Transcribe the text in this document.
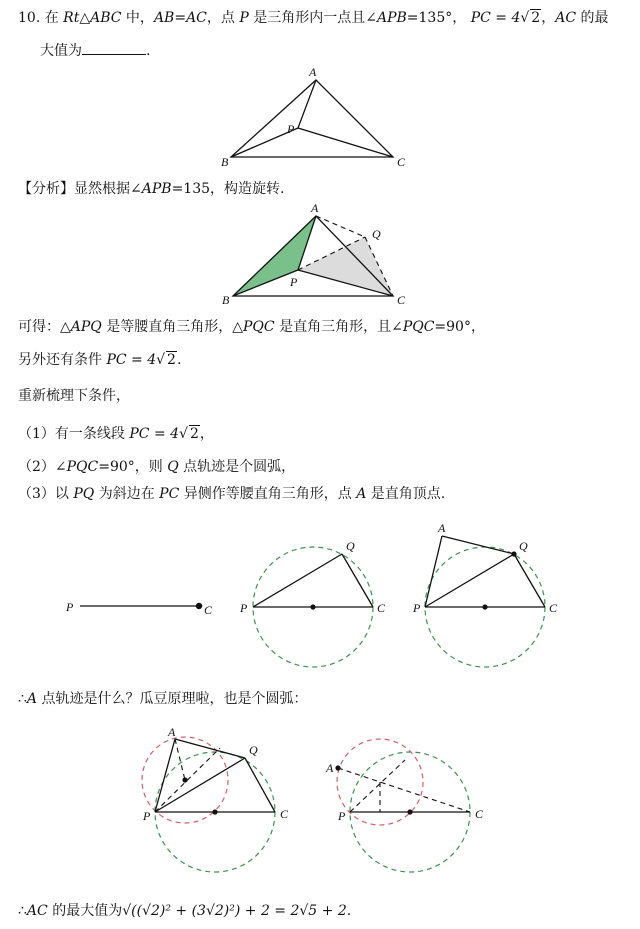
10. 在 Rt△ABC 中，AB=AC，点 P 是三角形内一点且∠APB=135°， PC = 4√ 2，AC 的最
大值为	.
【分析】显然根据∠APB=135，构造旋转.
可得：△APQ 是等腰直角三角形，△PQC 是直角三角形，且∠PQC=90°，
另外还有条件 PC = 4√ 2.
重新梳理下条件，
（1）有一条线段 PC = 4√ 2，
（2）∠PQC=90°，则 Q 点轨迹是个圆弧，
（3）以 PQ 为斜边在 PC 异侧作等腰直角三角形，点 A 是直角顶点.
∴A 点轨迹是什么？瓜豆原理啦，也是个圆弧：
∴AC 的最大值为√((√2)² + (3√2)²) + 2 = 2√5 + 2.
A
B
P
C
A
B
P
Q
C
P	C P
Q
C
A
P
Q
C
A
P
Q
C
A
P	C
